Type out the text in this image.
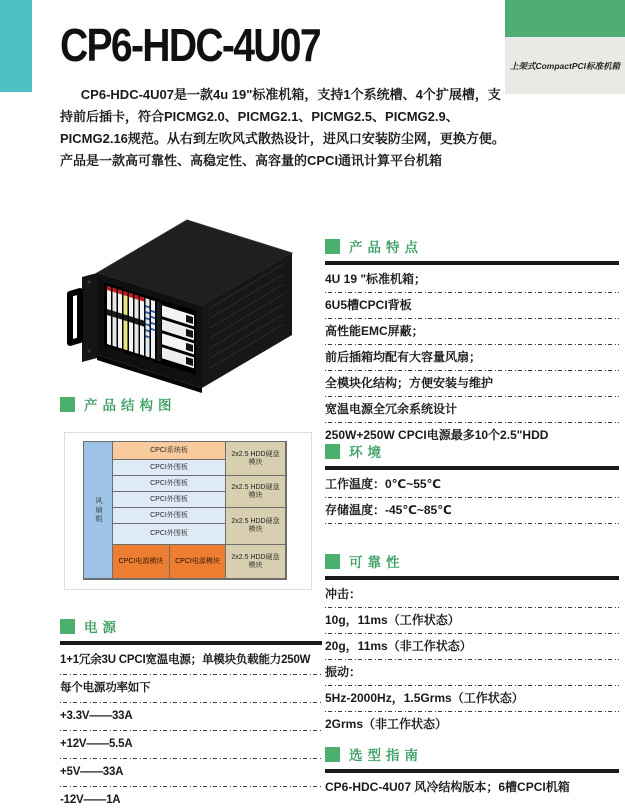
上架式CompactPCI标准机箱
CP6-HDC-4U07
CP6-HDC-4U07是一款4u 19"标准机箱，支持1个系统槽、4个扩展槽，支持前后插卡，符合PICMG2.0、PICMG2.1、PICMG2.5、PICMG2.9、PICMG2.16规范。从右到左吹风式散热设计，进风口安装防尘网，更换方便。产品是一款高可靠性、高稳定性、高容量的CPCI通讯计算平台机箱
产品结构图
风扇组
CPCI系统板
CPCI外围板
CPCI外围板
CPCI外围板
CPCI外围板
CPCI外围板
CPCI电源模块	CPCI电源模块
2x2.5 HDD硬盘模块
2x2.5 HDD硬盘模块
2x2.5 HDD硬盘模块
2x2.5 HDD硬盘模块
电源
1+1冗余3U CPCI宽温电源；单模块负载能力250W
每个电源功率如下
+3.3V——33A
+12V——5.5A
+5V——33A
-12V——1A
产品特点
4U 19 "标准机箱；
6U5槽CPCI背板
高性能EMC屏蔽；
前后插箱均配有大容量风扇；
全模块化结构；方便安装与维护
宽温电源全冗余系统设计
250W+250W CPCI电源最多10个2.5"HDD
环境
工作温度：0℃~55℃
存储温度：-45℃~85℃
可靠性
冲击：
10g，11ms（工作状态）
20g，11ms（非工作状态）
振动：
5Hz-2000Hz，1.5Grms（工作状态）
2Grms（非工作状态）
选型指南
CP6-HDC-4U07 风冷结构版本；6槽CPCI机箱
